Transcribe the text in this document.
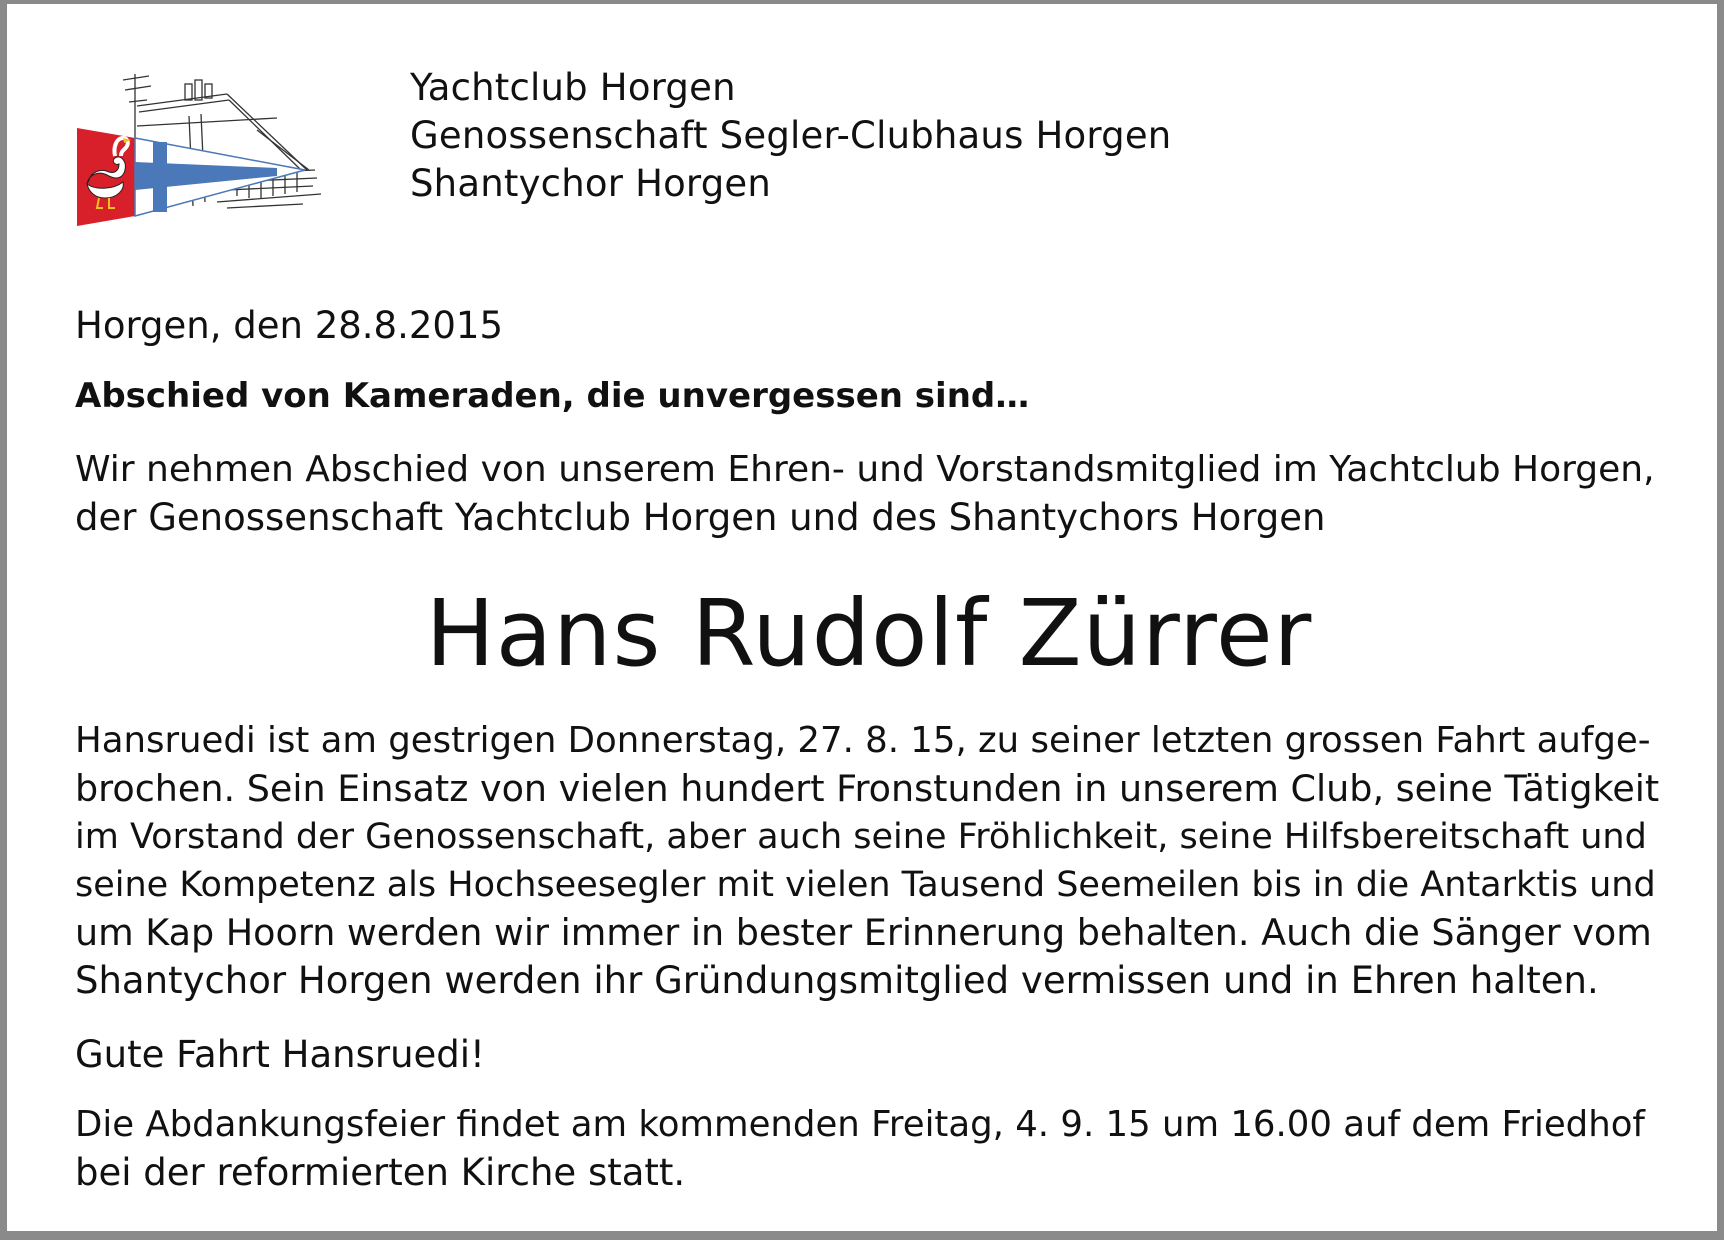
Yachtclub Horgen
Genossenschaft Segler-Clubhaus Horgen
Shantychor Horgen
Horgen, den 28.8.2015
Abschied von Kameraden, die unvergessen sind…
Wir nehmen Abschied von unserem Ehren- und Vorstandsmitglied im Yachtclub Horgen,
der Genossenschaft Yachtclub Horgen und des Shantychors Horgen
Hans Rudolf Zürrer
Hansruedi ist am gestrigen Donnerstag, 27. 8. 15, zu seiner letzten grossen Fahrt aufge-
brochen. Sein Einsatz von vielen hundert Fronstunden in unserem Club, seine Tätigkeit
im Vorstand der Genossenschaft, aber auch seine Fröhlichkeit, seine Hilfsbereitschaft und
seine Kompetenz als Hochseesegler mit vielen Tausend Seemeilen bis in die Antarktis und
um Kap Hoorn werden wir immer in bester Erinnerung behalten. Auch die Sänger vom
Shantychor Horgen werden ihr Gründungsmitglied vermissen und in Ehren halten.
Gute Fahrt Hansruedi!
Die Abdankungsfeier findet am kommenden Freitag, 4. 9. 15 um 16.00 auf dem Friedhof
bei der reformierten Kirche statt.
